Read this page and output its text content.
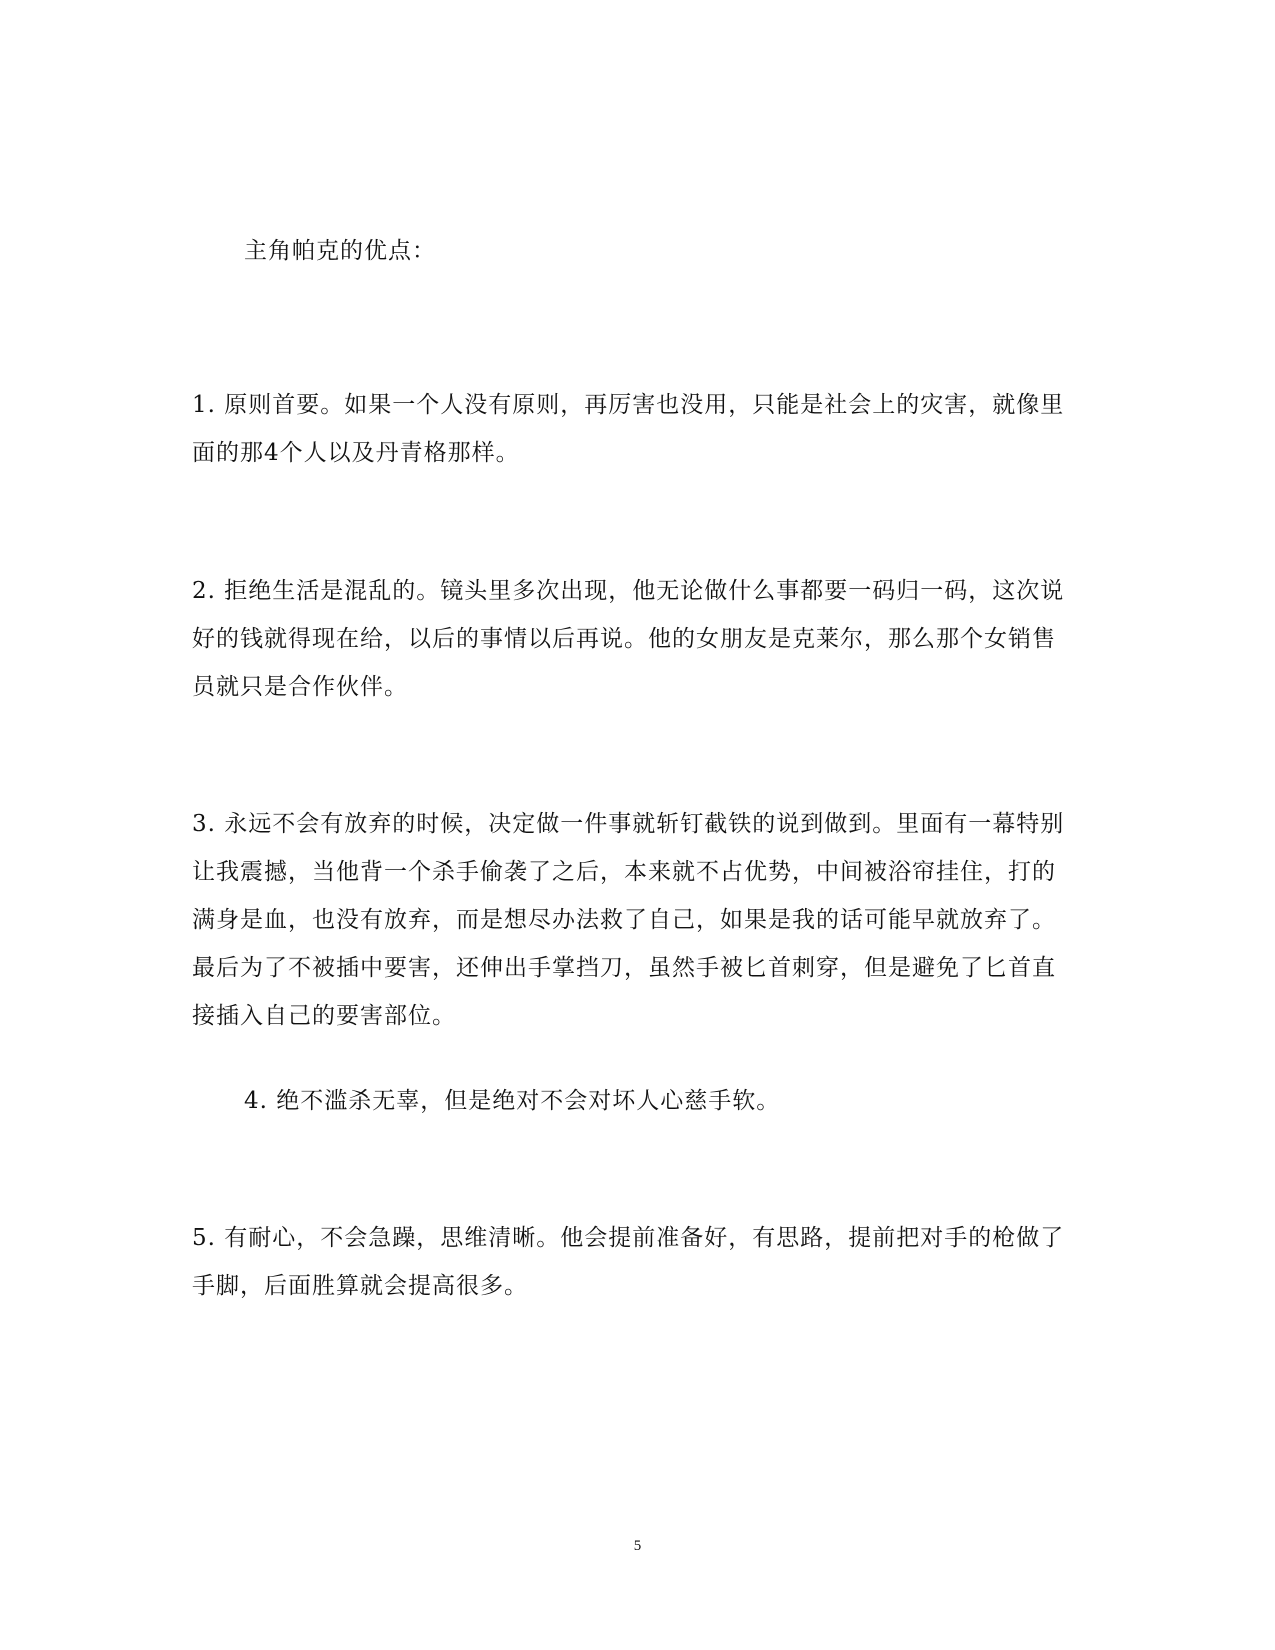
主角帕克的优点：

1. 原则首要。如果一个人没有原则，再厉害也没用，只能是社会上的灾害，就像里面的那4个人以及丹青格那样。

2. 拒绝生活是混乱的。镜头里多次出现，他无论做什么事都要一码归一码，这次说好的钱就得现在给，以后的事情以后再说。他的女朋友是克莱尔，那么那个女销售员就只是合作伙伴。

3. 永远不会有放弃的时候，决定做一件事就斩钉截铁的说到做到。里面有一幕特别让我震撼，当他背一个杀手偷袭了之后，本来就不占优势，中间被浴帘挂住，打的满身是血，也没有放弃，而是想尽办法救了自己，如果是我的话可能早就放弃了。最后为了不被插中要害，还伸出手掌挡刀，虽然手被匕首刺穿，但是避免了匕首直接插入自己的要害部位。

4. 绝不滥杀无辜，但是绝对不会对坏人心慈手软。

5. 有耐心，不会急躁，思维清晰。他会提前准备好，有思路，提前把对手的枪做了手脚，后面胜算就会提高很多。

5
